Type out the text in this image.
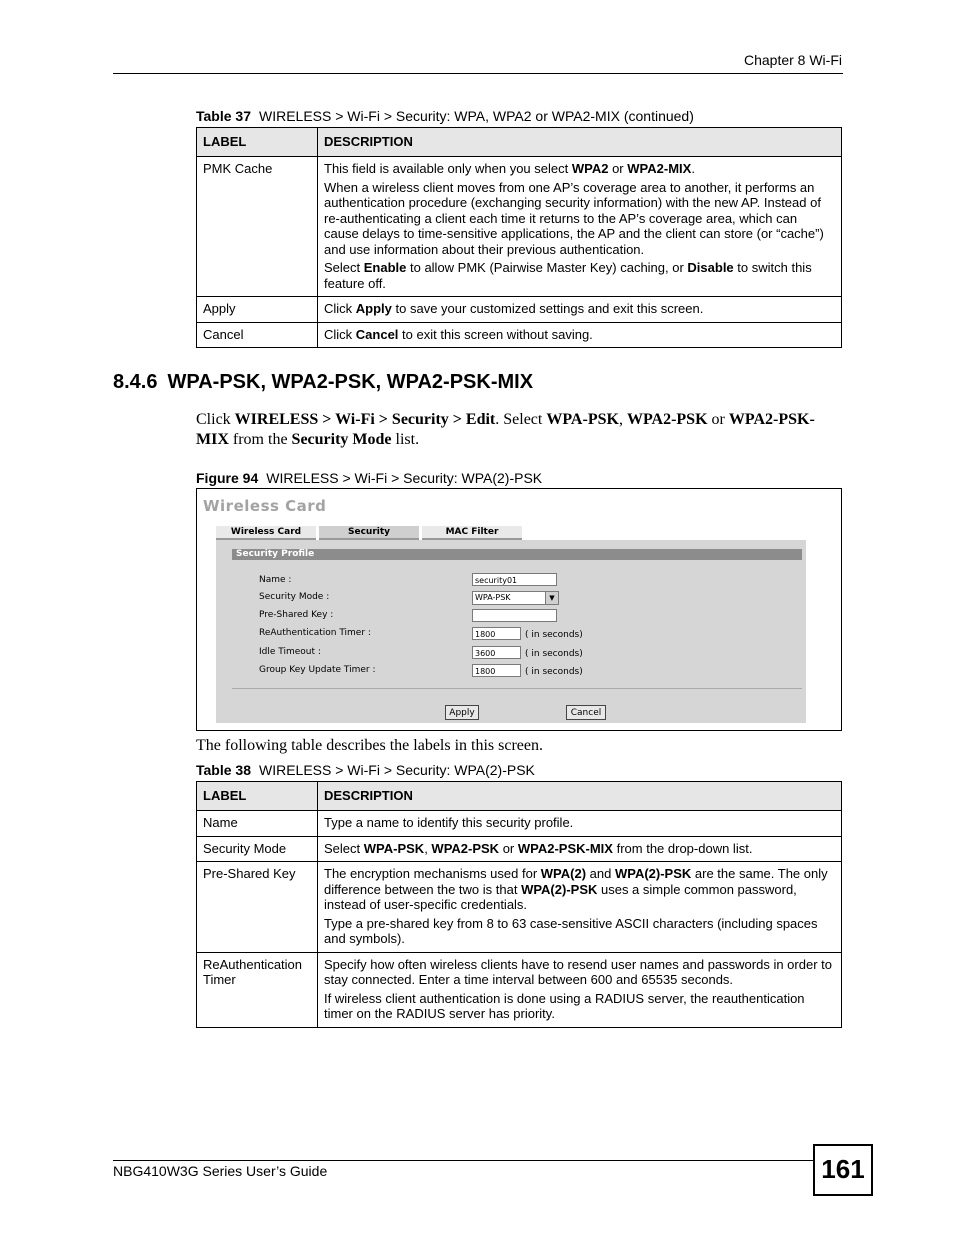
Chapter 8 Wi-Fi
Table 37 WIRELESS > Wi-Fi > Security: WPA, WPA2 or WPA2-MIX (continued)
LABEL	DESCRIPTION
PMK Cache	This field is available only when you select WPA2 or WPA2-MIX.

When a wireless client moves from one AP’s coverage area to another, it performs an authentication procedure (exchanging security information) with the new AP. Instead of re-authenticating a client each time it returns to the AP’s coverage area, which can cause delays to time-sensitive applications, the AP and the client can store (or “cache”) and use information about their previous authentication.

Select Enable to allow PMK (Pairwise Master Key) caching, or Disable to switch this feature off.

Apply	Click Apply to save your customized settings and exit this screen.
Cancel	Click Cancel to exit this screen without saving.
8.4.6 WPA-PSK, WPA2-PSK, WPA2-PSK-MIX
Click WIRELESS > Wi-Fi > Security > Edit. Select WPA-PSK, WPA2-PSK or WPA2-PSK-MIX from the Security Mode list.
Figure 94 WIRELESS > Wi-Fi > Security: WPA(2)-PSK
Wireless Card
Wireless Card	Security	MAC Filter
Security Profile
Name :	security01
Security Mode :	WPA-PSK	▼
Pre-Shared Key :
ReAuthentication Timer :	1800	( in seconds)
Idle Timeout :	3600	( in seconds)
Group Key Update Timer :	1800	( in seconds)
Apply	Cancel
The following table describes the labels in this screen.
Table 38 WIRELESS > Wi-Fi > Security: WPA(2)-PSK
LABEL	DESCRIPTION
Name	Type a name to identify this security profile.
Security Mode	Select WPA-PSK, WPA2-PSK or WPA2-PSK-MIX from the drop-down list.
Pre-Shared Key	The encryption mechanisms used for WPA(2) and WPA(2)-PSK are the same. The only difference between the two is that WPA(2)-PSK uses a simple common password, instead of user-specific credentials.

Type a pre-shared key from 8 to 63 case-sensitive ASCII characters (including spaces and symbols).

ReAuthentication Timer	Specify how often wireless clients have to resend user names and passwords in order to stay connected. Enter a time interval between 600 and 65535 seconds.

If wireless client authentication is done using a RADIUS server, the reauthentication timer on the RADIUS server has priority.

NBG410W3G Series User’s Guide	161
